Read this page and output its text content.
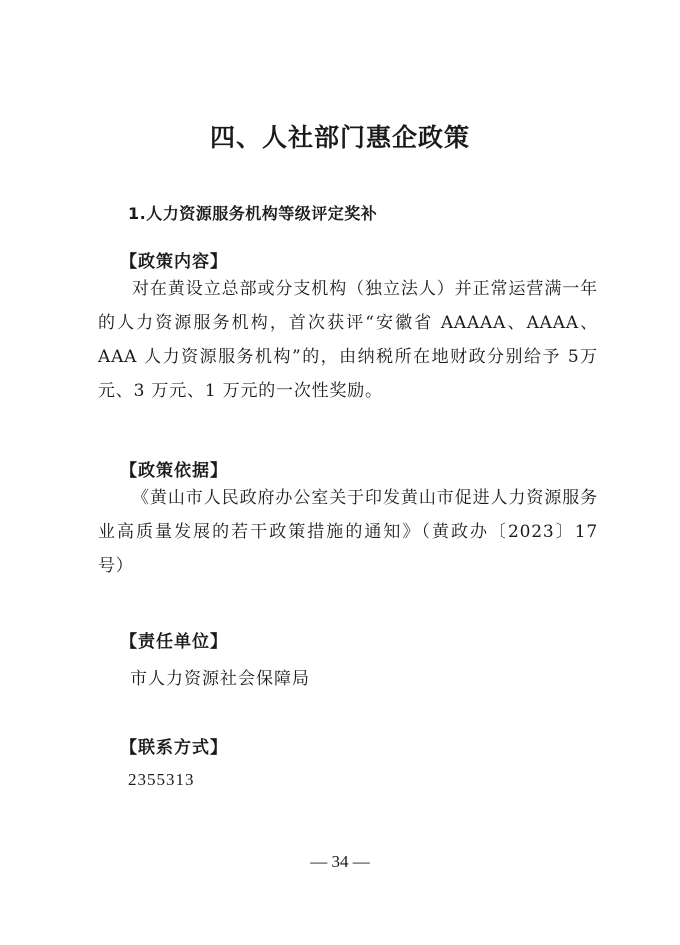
四、人社部门惠企政策
1.人力资源服务机构等级评定奖补

【政策内容】

对在黄设立总部或分支机构（独立法人）并正常运营满一年的人力资源服务机构，首次获评“安徽省 AAAAA、AAAA、AAA 人力资源服务机构”的，由纳税所在地财政分别给予 5万元、3 万元、1 万元的一次性奖励。

【政策依据】

《黄山市人民政府办公室关于印发黄山市促进人力资源服务业高质量发展的若干政策措施的通知》（黄政办〔2023〕17 号）

【责任单位】

市人力资源社会保障局

【联系方式】

2355313

— 34 —
